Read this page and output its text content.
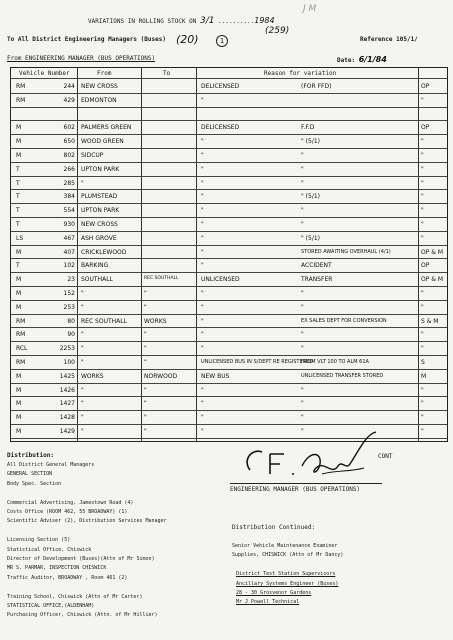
VARIATIONS IN ROLLING STOCK ON 3/1 ..........1984
J M
(259)
To All District Engineering Managers (Buses) (20)	1	Reference 105/1/
From ENGINEERING MANAGER (BUS OPERATIONS)	Date: 6/1/84
Vehicle Number	From	To	Reason for variation
RM	244 NEW CROSS	DELICENSED	(FOR FFD)	OP
RM	429 EDMONTON	"	"
M	602 PALMERS GREEN	DELICENSED	F.F.D	OP
M	650 WOOD GREEN	"	" (5/1)	"
M	802 SIDCUP	"	"	"
T	266 UPTON PARK	"	"	"
T	285 "	"	"	"
T	384 PLUMSTEAD	"	" (5/1)	"
T	554 UPTON PARK	"	"	"
T	930 NEW CROSS	"	"	"
LS	467 ASH GROVE	"	" (5/1)	"
M	407 CRICKLEWOOD	"	STORED AWAITING OVERHAUL (4/1)	OP & M
T	102 BARKING	"	ACCIDENT	OP
M	23 SOUTHALL	REC SOUTHALL	UNLICENSED	TRANSFER	OP & M
M	152 "	"	"	"	"
M	253 "	"	"	"	"
RM	80 REC SOUTHALL	WORKS	"	EX SALES DEPT FOR CONVERSION	S & M
RM	90 "	"	"	"	"
RCL	2253 "	"	"	"	"
RM	100 "	"	UNLICENSED BUS IN S/DEPT RE REGISTERED
FROM VLT 100 TO ALM 61A	S
M	1425 WORKS	NORWOOD	NEW BUS	UNLICENSED TRANSFER STORED	M
M	1426 "	"	"	"	"
M	1427 "	"	"	"	"
M	1428 "	"	"	"	"
M	1429 "	"	"	"	"
CONT
ENGINEERING MANAGER (BUS OPERATIONS)
Distribution:
All District General Managers
GENERAL SECTION
Body Spec. Section
Commercial Advertising, Jamestown Road (4)
Costs Office (ROOM 462, 55 BROADWAY) (1)
Scientific Adviser (2), Distribution Services Manager
Licensing Section (5)
Statistical Office, Chiswick
Director of Development (Buses)(Attn of Mr Simon)
MR S. PARMAR, INSPECTION CHISWICK
Traffic Auditor, BROADWAY , Room 461 (2)
Training School, Chiswick (Attn of Mr Carter)
STATISTICAL OFFICE,(ALDENHAM)
Purchasing Officer, Chiswick (Attn. of Mr Hillier)
Distribution Continued:
Senior Vehicle Maintenance Examiner
Supplies, CHISWICK (Attn of Mr Dancy)
District Test Station Supervisors
Ancillary Systems Engineer (Buses)
28 - 30 Grosvenor Gardens
Mr J Powell Technical
